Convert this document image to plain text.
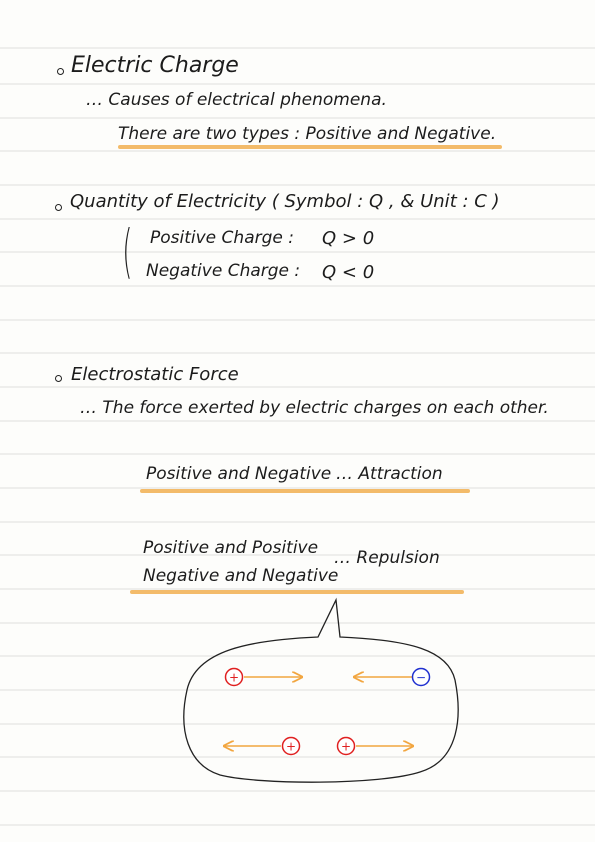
Electric Charge
… Causes of electrical phenomena.
There are two types : Positive and Negative.
Quantity of Electricity ( Symbol : Q , & Unit : C )
( Positive Charge : Q > 0
Negative Charge : Q < 0
Electrostatic Force
… The force exerted by electric charges on each other.
Positive and Negative … Attraction
Positive and Positive
Negative and Negative
… Repulsion
+	−
+	+
